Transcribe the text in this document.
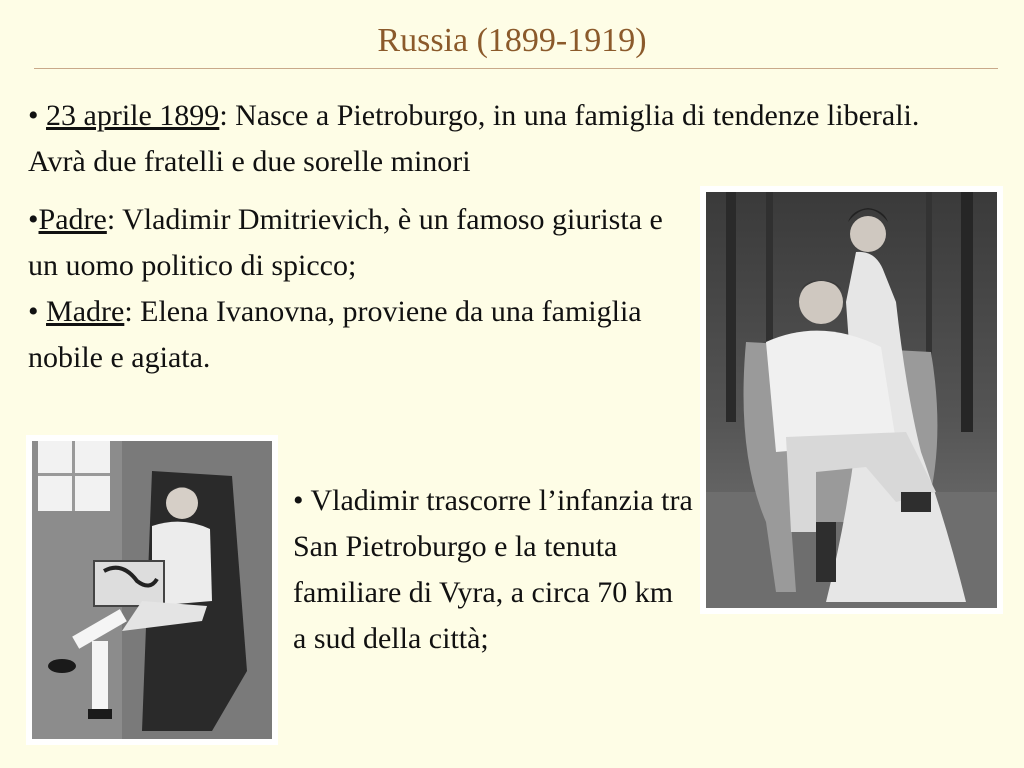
Russia (1899-1919)

• 23 aprile 1899: Nasce a Pietroburgo, in una famiglia di tendenze liberali. Avrà due fratelli e due sorelle minori

•Padre: Vladimir Dmitrievich, è un famoso giurista e un uomo politico di spicco;

• Madre: Elena Ivanovna, proviene da una famiglia nobile e agiata.

• Vladimir trascorre l’infanzia tra San Pietroburgo e la tenuta familiare di Vyra, a circa 70 km a sud della città;
